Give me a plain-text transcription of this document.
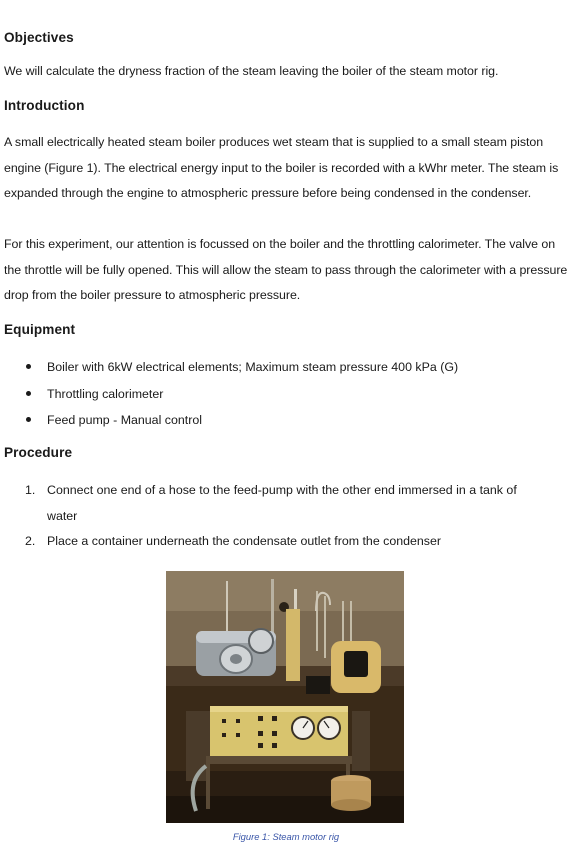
Objectives

We will calculate the dryness fraction of the steam leaving the boiler of the steam motor rig.

Introduction

A small electrically heated steam boiler produces wet steam that is supplied to a small steam piston engine (Figure 1). The electrical energy input to the boiler is recorded with a kWhr meter. The steam is expanded through the engine to atmospheric pressure before being condensed in the condenser.

For this experiment, our attention is focussed on the boiler and the throttling calorimeter. The valve on the throttle will be fully opened. This will allow the steam to pass through the calorimeter with a pressure drop from the boiler pressure to atmospheric pressure.

Equipment
Boiler with 6kW electrical elements; Maximum steam pressure 400 kPa (G)
Throttling calorimeter
Feed pump - Manual control
Procedure
1. Connect one end of a hose to the feed-pump with the other end immersed in a tank of water
2. Place a container underneath the condensate outlet from the condenser
Figure 1: Steam motor rig
